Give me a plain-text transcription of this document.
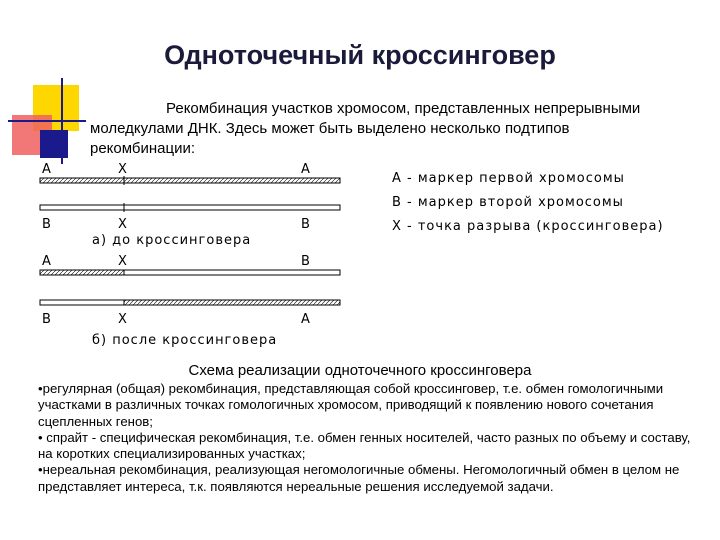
Одноточечный кроссинговер
Рекомбинация участков хромосом, представленных непрерывными
моледкулами ДНК. Здесь может быть выделено несколько подтипов
рекомбинации:
A	X	A
B	X	B
а) до кроссинговера
A	X	B
B	X	A
б) после кроссинговера
A - маркер первой хромосомы
B - маркер второй хромосомы
X - точка разрыва (кроссинговера)
Схема реализации одноточечного кроссинговера

•регулярная (общая) рекомбинация, представляющая собой кроссинговер, т.е. обмен гомологичными участками в различных точках гомологичных хромосом, приводящий к появлению нового сочетания сцепленных генов;

• спрайт - специфическая рекомбинация, т.е. обмен генных носителей, часто разных по объему и составу, на коротких специализированных участках;

•нереальная рекомбинация, реализующая негомологичные обмены. Негомологичный обмен в целом не представляет интереса, т.к. появляются нереальные решения исследуемой задачи.
